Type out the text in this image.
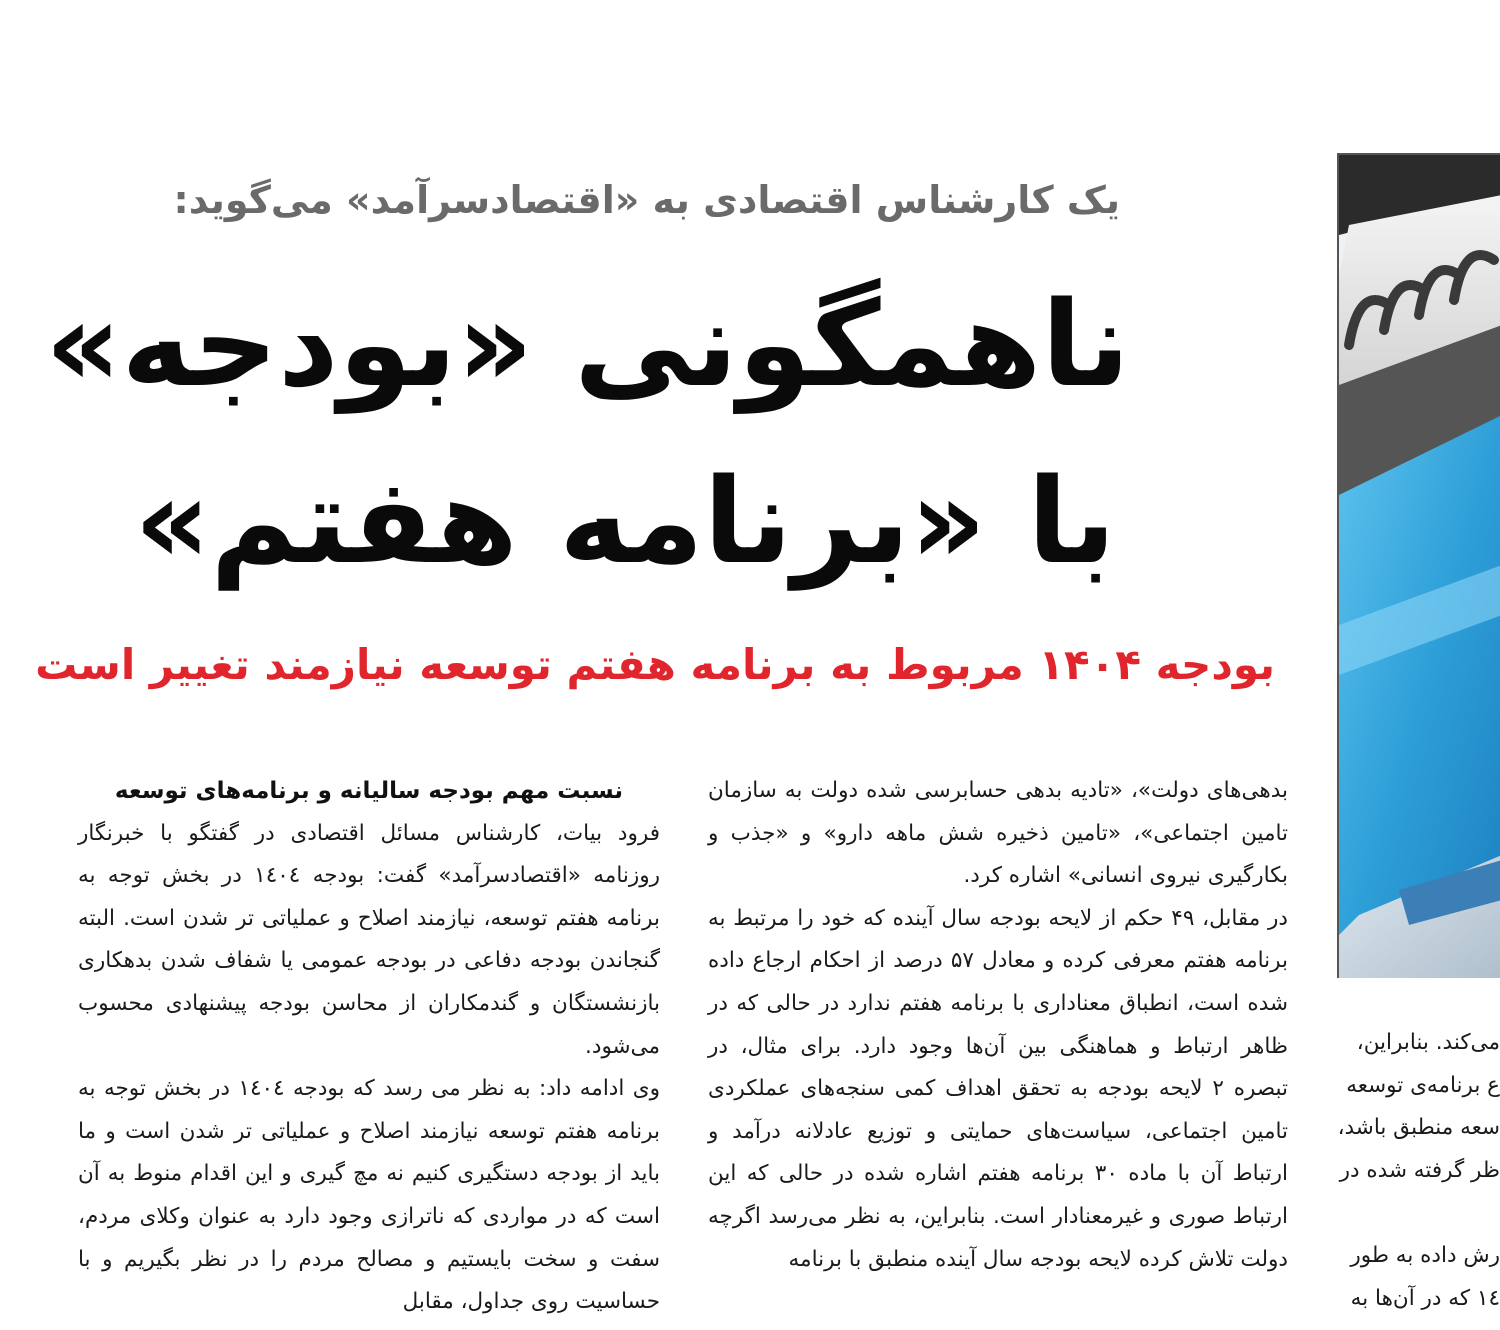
یک کارشناس اقتصادی به «اقتصادسرآمد» می‌گوید:
ناهمگونی «بودجه»
با «برنامه هفتم»
بودجه ۱۴۰۴ مربوط به برنامه هفتم توسعه نیازمند تغییر است

بدهی‌های دولت»، «تادیه بدهی حسابرسی شده دولت به سازمان تامین اجتماعی»، «تامین ذخیره شش ماهه دارو» و «جذب و بکارگیری نیروی انسانی» اشاره کرد.

در مقابل، ۴۹ حکم از لایحه بودجه سال آینده که خود را مرتبط به برنامه هفتم معرفی کرده و معادل ۵۷ درصد از احکام ارجاع داده شده است، انطباق معناداری با برنامه هفتم ندارد در حالی که در ظاهر ارتباط و هماهنگی بین آن‌ها وجود دارد. برای مثال، در تبصره ۲ لایحه بودجه به تحقق اهداف کمی سنجه‌های عملکردی تامین اجتماعی، سیاست‌های حمایتی و توزیع عادلانه درآمد و ارتباط آن با ماده ۳۰ برنامه هفتم اشاره شده در حالی که این ارتباط صوری و غیرمعنادار است. بنابراین، به نظر می‌رسد اگرچه دولت تلاش کرده لایحه بودجه سال آینده منطبق با برنامه

نسبت مهم بودجه سالیانه و برنامه‌های توسعه

فرود بیات، کارشناس مسائل اقتصادی در گفتگو با خبرنگار روزنامه «اقتصادسرآمد» گفت: بودجه ۱٤۰٤ در بخش توجه به برنامه هفتم توسعه، نیازمند اصلاح و عملیاتی تر شدن است. البته گنجاندن بودجه دفاعی در بودجه عمومی یا شفاف شدن بدهکاری بازنشستگان و گندمکاران از محاسن بودجه پیشنهادی محسوب می‌شود.

وی ادامه داد: به نظر می رسد که بودجه ۱٤۰٤ در بخش توجه به برنامه هفتم توسعه نیازمند اصلاح و عملیاتی تر شدن است و ما باید از بودجه دستگیری کنیم نه مچ گیری و این اقدام منوط به آن است که در مواردی که ناترازی وجود دارد به عنوان وکلای مردم، سفت و سخت بایستیم و مصالح مردم را در نظر بگیریم و با حساسیت روی جداول، مقابل

می‌کند. بنابراین،

ع برنامه‌ی توسعه

سعه منطبق باشد،

ظر گرفته شده در

رش داده به طور

۱٤ که در آن‌ها به
